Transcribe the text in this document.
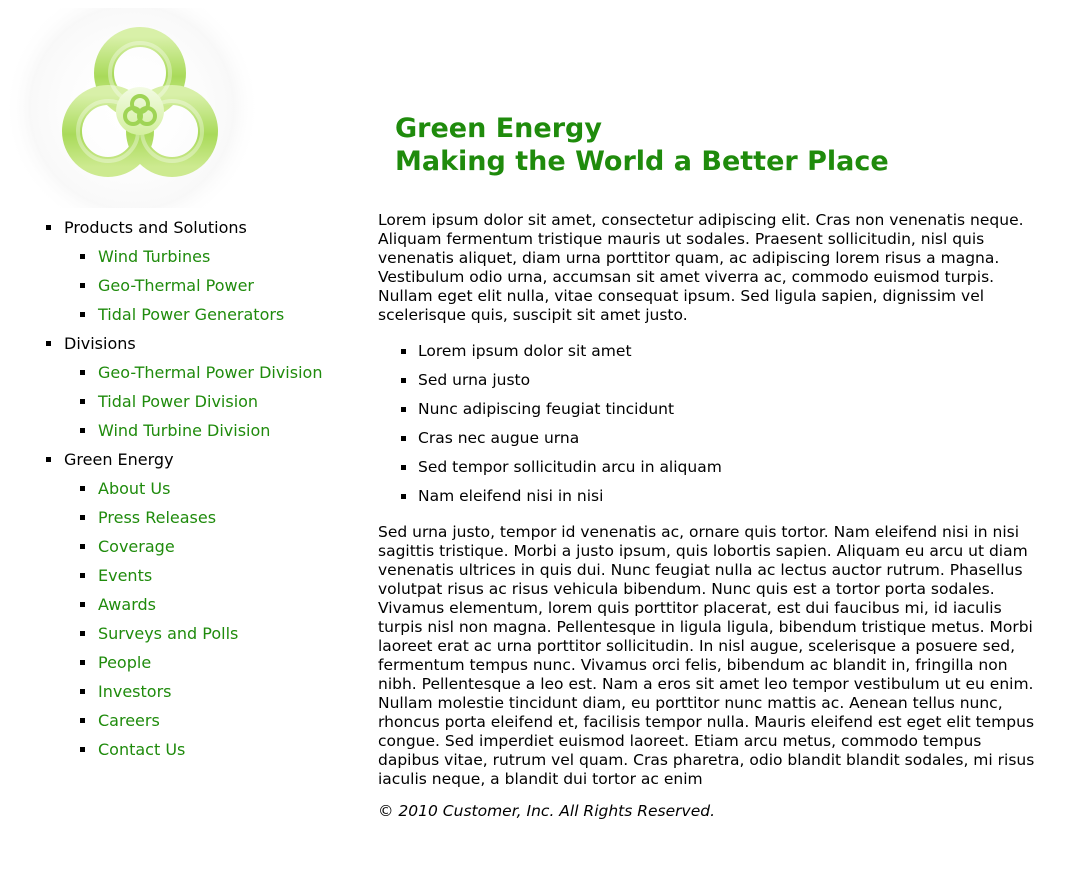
Green Energy
Making the World a Better Place
Products and Solutions
Wind Turbines
Geo-Thermal Power
Tidal Power Generators
Divisions
Geo-Thermal Power Division
Tidal Power Division
Wind Turbine Division
Green Energy
About Us
Press Releases
Coverage
Events
Awards
Surveys and Polls
People
Investors
Careers
Contact Us

Lorem ipsum dolor sit amet, consectetur adipiscing elit. Cras non venenatis neque. Aliquam fermentum tristique mauris ut sodales. Praesent sollicitudin, nisl quis venenatis aliquet, diam urna porttitor quam, ac adipiscing lorem risus a magna. Vestibulum odio urna, accumsan sit amet viverra ac, commodo euismod turpis. Nullam eget elit nulla, vitae consequat ipsum. Sed ligula sapien, dignissim vel scelerisque quis, suscipit sit amet justo.

Lorem ipsum dolor sit amet
Sed urna justo
Nunc adipiscing feugiat tincidunt
Cras nec augue urna
Sed tempor sollicitudin arcu in aliquam
Nam eleifend nisi in nisi

Sed urna justo, tempor id venenatis ac, ornare quis tortor. Nam eleifend nisi in nisi sagittis tristique. Morbi a justo ipsum, quis lobortis sapien. Aliquam eu arcu ut diam venenatis ultrices in quis dui. Nunc feugiat nulla ac lectus auctor rutrum. Phasellus volutpat risus ac risus vehicula bibendum. Nunc quis est a tortor porta sodales. Vivamus elementum, lorem quis porttitor placerat, est dui faucibus mi, id iaculis turpis nisl non magna. Pellentesque in ligula ligula, bibendum tristique metus. Morbi laoreet erat ac urna porttitor sollicitudin. In nisl augue, scelerisque a posuere sed, fermentum tempus nunc. Vivamus orci felis, bibendum ac blandit in, fringilla non nibh. Pellentesque a leo est. Nam a eros sit amet leo tempor vestibulum ut eu enim. Nullam molestie tincidunt diam, eu porttitor nunc mattis ac. Aenean tellus nunc, rhoncus porta eleifend et, facilisis tempor nulla. Mauris eleifend est eget elit tempus congue. Sed imperdiet euismod laoreet. Etiam arcu metus, commodo tempus dapibus vitae, rutrum vel quam. Cras pharetra, odio blandit blandit sodales, mi risus iaculis neque, a blandit dui tortor ac enim

© 2010 Customer, Inc. All Rights Reserved.
